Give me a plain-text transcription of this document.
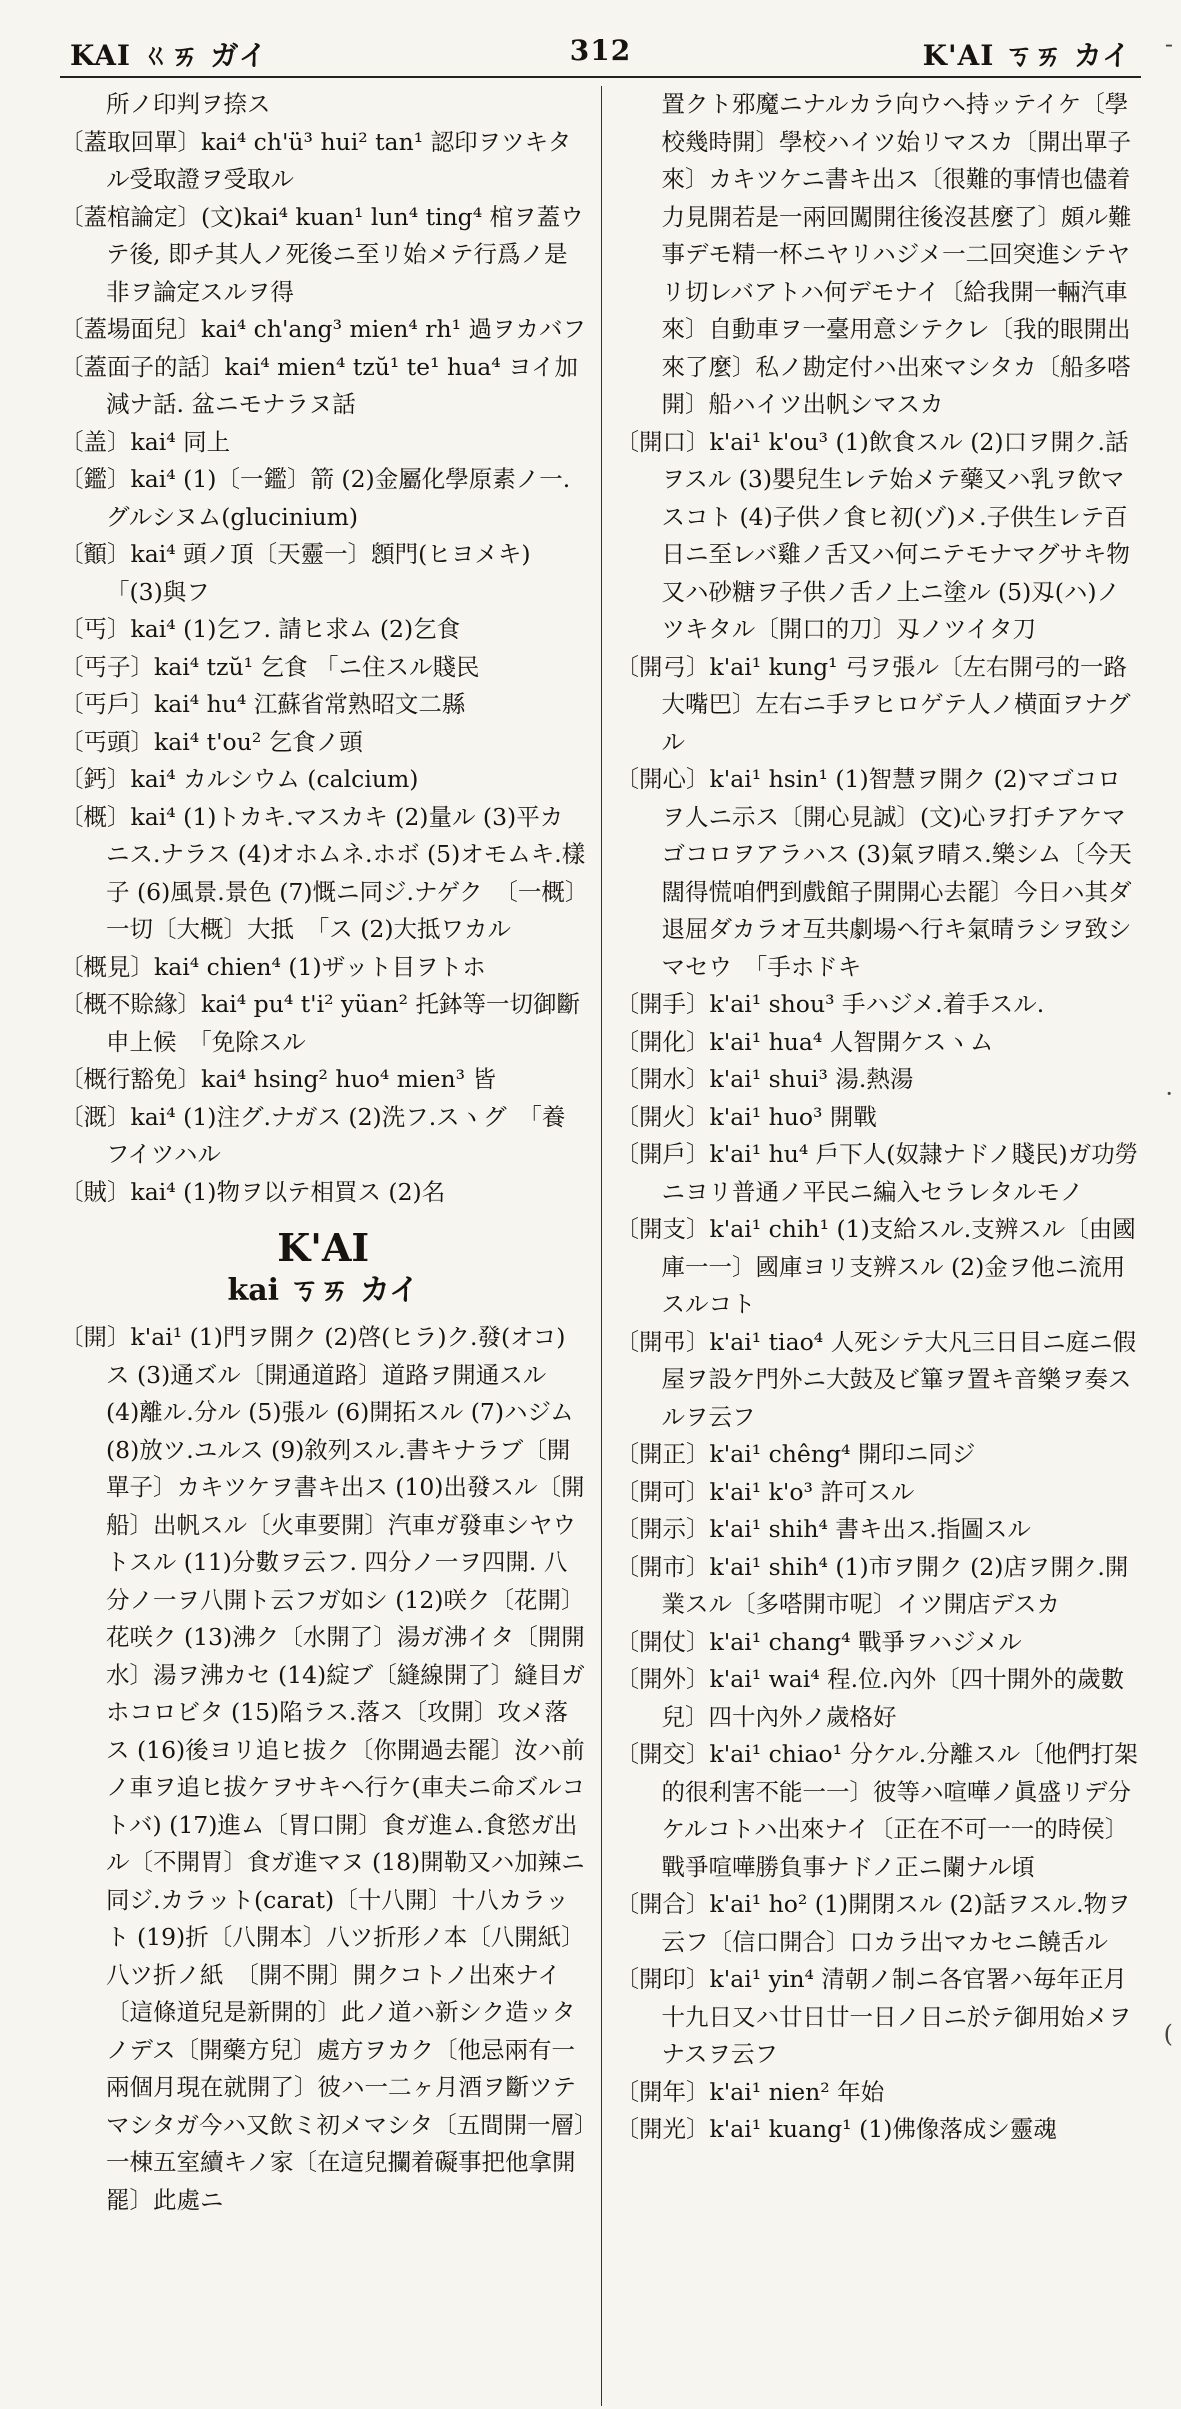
KAI ㄍㄞ ガイ	312	K'AI ㄎㄞ カイ

所ノ印判ヲ捺ス

〔蓋取回單〕kai⁴ ch'ü³ hui² tan¹ 認印ヲツキタル受取證ヲ受取ル

〔蓋棺論定〕(文)kai⁴ kuan¹ lun⁴ ting⁴ 棺ヲ蓋ウテ後, 即チ其人ノ死後ニ至リ始メテ行爲ノ是非ヲ論定スルヲ得

〔蓋場面兒〕kai⁴ ch'ang³ mien⁴ rh¹ 過ヲカバフ

〔蓋面子的話〕kai⁴ mien⁴ tzŭ¹ te¹ hua⁴ ヨイ加減ナ話. 盆ニモナラヌ話

〔盖〕kai⁴ 同上

〔鑑〕kai⁴ (1)〔一鑑〕箭 (2)金屬化學原素ノ一.グルシヌム(glucinium)

〔顮〕kai⁴ 頭ノ頂〔天靈一〕顖門(ヒヨメキ)　「(3)與フ

〔丐〕kai⁴ (1)乞フ. 請ヒ求ム (2)乞食

〔丐子〕kai⁴ tzŭ¹ 乞食 「ニ住スル賤民

〔丐戶〕kai⁴ hu⁴ 江蘇省常熟昭文二縣

〔丐頭〕kai⁴ t'ou² 乞食ノ頭

〔鈣〕kai⁴ カルシウム (calcium)

〔概〕kai⁴ (1)トカキ.マスカキ (2)量ル (3)平カニス.ナラス (4)オホムネ.ホボ (5)オモムキ.樣子 (6)風景.景色 (7)慨ニ同ジ.ナゲク　〔一概〕一切〔大概〕大抵　「ス (2)大抵ワカル

〔概見〕kai⁴ chien⁴ (1)ザット目ヲトホ

〔概不賒緣〕kai⁴ pu⁴ t'i² yüan² 托鉢等一切御斷申上候　「免除スル

〔概行豁免〕kai⁴ hsing² huo⁴ mien³ 皆

〔溉〕kai⁴ (1)注グ.ナガス (2)洗フ.スヽグ　「養フイツハル

〔賊〕kai⁴ (1)物ヲ以テ相買ス (2)名

K'AI
kai ㄎㄞ カイ

〔開〕k'ai¹ (1)門ヲ開ク (2)啓(ヒラ)ク.發(オコ)ス (3)通ズル〔開通道路〕道路ヲ開通スル (4)離ル.分ル (5)張ル (6)開拓スル (7)ハジム (8)放ツ.ユルス (9)敘列スル.書キナラブ〔開單子〕カキツケヲ書キ出ス (10)出發スル〔開船〕出帆スル〔火車要開〕汽車ガ發車シヤウトスル (11)分數ヲ云フ. 四分ノ一ヲ四開. 八分ノ一ヲ八開ト云フガ如シ (12)咲ク〔花開〕花咲ク (13)沸ク〔水開了〕湯ガ沸イタ〔開開水〕湯ヲ沸カセ (14)綻ブ〔縫線開了〕縫目ガホコロビタ (15)陷ラス.落ス〔攻開〕攻メ落ス (16)後ヨリ追ヒ拔ク〔你開過去罷〕汝ハ前ノ車ヲ追ヒ拔ケヲサキヘ行ケ(車夫ニ命ズルコトバ) (17)進ム〔胃口開〕食ガ進ム.食慾ガ出ル〔不開胃〕食ガ進マヌ (18)開勒又ハ加辣ニ同ジ.カラット(carat)〔十八開〕十八カラット (19)折〔八開本〕八ツ折形ノ本〔八開紙〕八ツ折ノ紙　〔開不開〕開クコトノ出來ナイ〔這條道兒是新開的〕此ノ道ハ新シク造ッタノデス〔開藥方兒〕處方ヲカク〔他忌兩有一兩個月現在就開了〕彼ハ一二ヶ月酒ヲ斷ツテマシタガ今ハ又飲ミ初メマシタ〔五間開一層〕一棟五室續キノ家〔在這兒攔着礙事把他拿開罷〕此處ニ

置クト邪魔ニナルカラ向ウヘ持ッテイケ〔學校幾時開〕學校ハイツ始リマスカ〔開出單子來〕カキツケニ書キ出ス〔很難的事情也儘着力見開若是一兩回闖開往後沒甚麼了〕頗ル難事デモ精一杯ニヤリハジメ一二回突進シテヤリ切レバアトハ何デモナイ〔給我開一輛汽車來〕自動車ヲ一臺用意シテクレ〔我的眼開出來了麼〕私ノ勘定付ハ出來マシタカ〔船多嗒開〕船ハイツ出帆シマスカ

〔開口〕k'ai¹ k'ou³ (1)飲食スル (2)口ヲ開ク.話ヲスル (3)嬰兒生レテ始メテ藥又ハ乳ヲ飲マスコト (4)子供ノ食ヒ初(ゾ)メ.子供生レテ百日ニ至レバ雞ノ舌又ハ何ニテモナマグサキ物又ハ砂糖ヲ子供ノ舌ノ上ニ塗ル (5)刄(ハ)ノツキタル〔開口的刀〕刄ノツイタ刀

〔開弓〕k'ai¹ kung¹ 弓ヲ張ル〔左右開弓的一路大嘴巴〕左右ニ手ヲヒロゲテ人ノ横面ヲナグル

〔開心〕k'ai¹ hsin¹ (1)智慧ヲ開ク (2)マゴコロヲ人ニ示ス〔開心見誠〕(文)心ヲ打チアケマゴコロヲアラハス (3)氣ヲ晴ス.樂シム〔今天闊得慌咱們到戲館子開開心去罷〕今日ハ其ダ退屈ダカラオ互共劇場ヘ行キ氣晴ラシヲ致シマセウ　「手ホドキ

〔開手〕k'ai¹ shou³ 手ハジメ.着手スル.

〔開化〕k'ai¹ hua⁴ 人智開ケスヽム

〔開水〕k'ai¹ shui³ 湯.熱湯

〔開火〕k'ai¹ huo³ 開戰

〔開戶〕k'ai¹ hu⁴ 戶下人(奴隷ナドノ賤民)ガ功勞ニヨリ普通ノ平民ニ編入セラレタルモノ

〔開支〕k'ai¹ chih¹ (1)支給スル.支辨スル〔由國庫一一〕國庫ヨリ支辨スル (2)金ヲ他ニ流用スルコト

〔開弔〕k'ai¹ tiao⁴ 人死シテ大凡三日目ニ庭ニ假屋ヲ設ケ門外ニ大鼓及ビ篳ヲ置キ音樂ヲ奏スルヲ云フ

〔開正〕k'ai¹ chêng⁴ 開印ニ同ジ

〔開可〕k'ai¹ k'o³ 許可スル

〔開示〕k'ai¹ shih⁴ 書キ出ス.指圖スル

〔開市〕k'ai¹ shih⁴ (1)市ヲ開ク (2)店ヲ開ク.開業スル〔多嗒開市呢〕イツ開店デスカ

〔開仗〕k'ai¹ chang⁴ 戰爭ヲハジメル

〔開外〕k'ai¹ wai⁴ 程.位.內外〔四十開外的歲數兒〕四十內外ノ歲格好

〔開交〕k'ai¹ chiao¹ 分ケル.分離スル〔他們打架的很利害不能一一〕彼等ハ喧嘩ノ眞盛リデ分ケルコトハ出來ナイ〔正在不可一一的時侯〕戰爭喧嘩勝負事ナドノ正ニ闌ナル頃

〔開合〕k'ai¹ ho² (1)開閉スル (2)話ヲスル.物ヲ云フ〔信口開合〕口カラ出マカセニ饒舌ル

〔開印〕k'ai¹ yin⁴ 清朝ノ制ニ各官署ハ毎年正月十九日又ハ廿日廿一日ノ日ニ於テ御用始メヲナスヲ云フ

〔開年〕k'ai¹ nien² 年始

〔開光〕k'ai¹ kuang¹ (1)佛像落成シ靈魂

-
·
(
